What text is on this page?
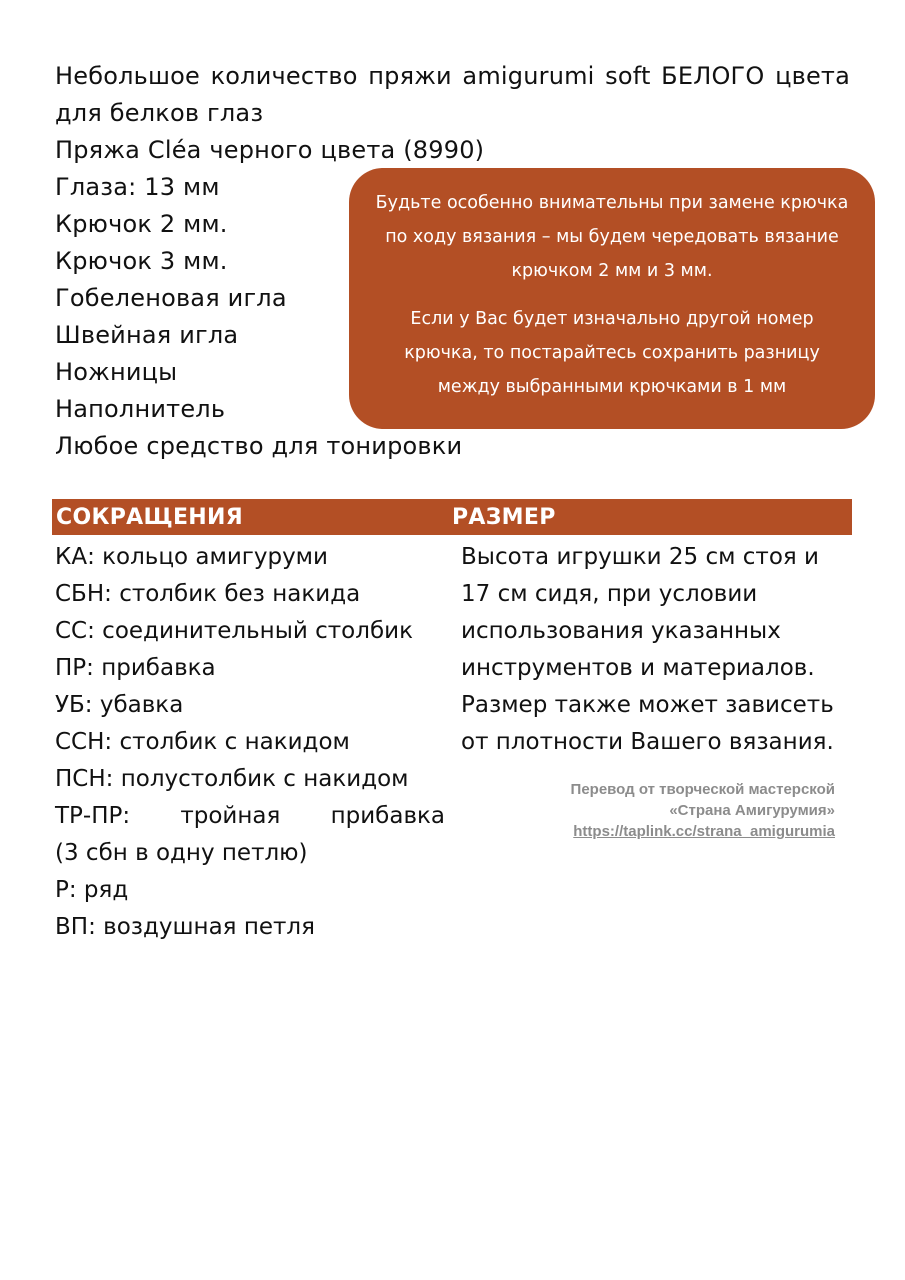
Небольшое количество пряжи amigurumi soft БЕЛОГО цвета для белков глаз
Пряжа Cléa черного цвета (8990)
Глаза: 13 мм
Крючок 2 мм.
Крючок 3 мм.
Гобеленовая игла
Швейная игла
Ножницы
Наполнитель
Любое средство для тонировки

Будьте особенно внимательны при замене крючка по ходу вязания – мы будем чередовать вязание крючком 2 мм и 3 мм.

Если у Вас будет изначально другой номер крючка, то постарайтесь сохранить разницу между выбранными крючками в 1 мм

СОКРАЩЕНИЯ	РАЗМЕР
КА: кольцо амигуруми
СБН: столбик без накида
СС: соединительный столбик
ПР: прибавка
УБ: убавка
ССН: столбик с накидом
ПСН: полустолбик с накидом
ТР-ПР: тройная прибавка
(3 сбн в одну петлю)
Р: ряд
ВП: воздушная петля
Высота игрушки 25 см стоя и
17 см сидя, при условии
использования указанных
инструментов и материалов.
Размер также может зависеть
от плотности Вашего вязания.
Перевод от творческой мастерской
«Страна Амигурумия»
https://taplink.cc/strana_amigurumia
